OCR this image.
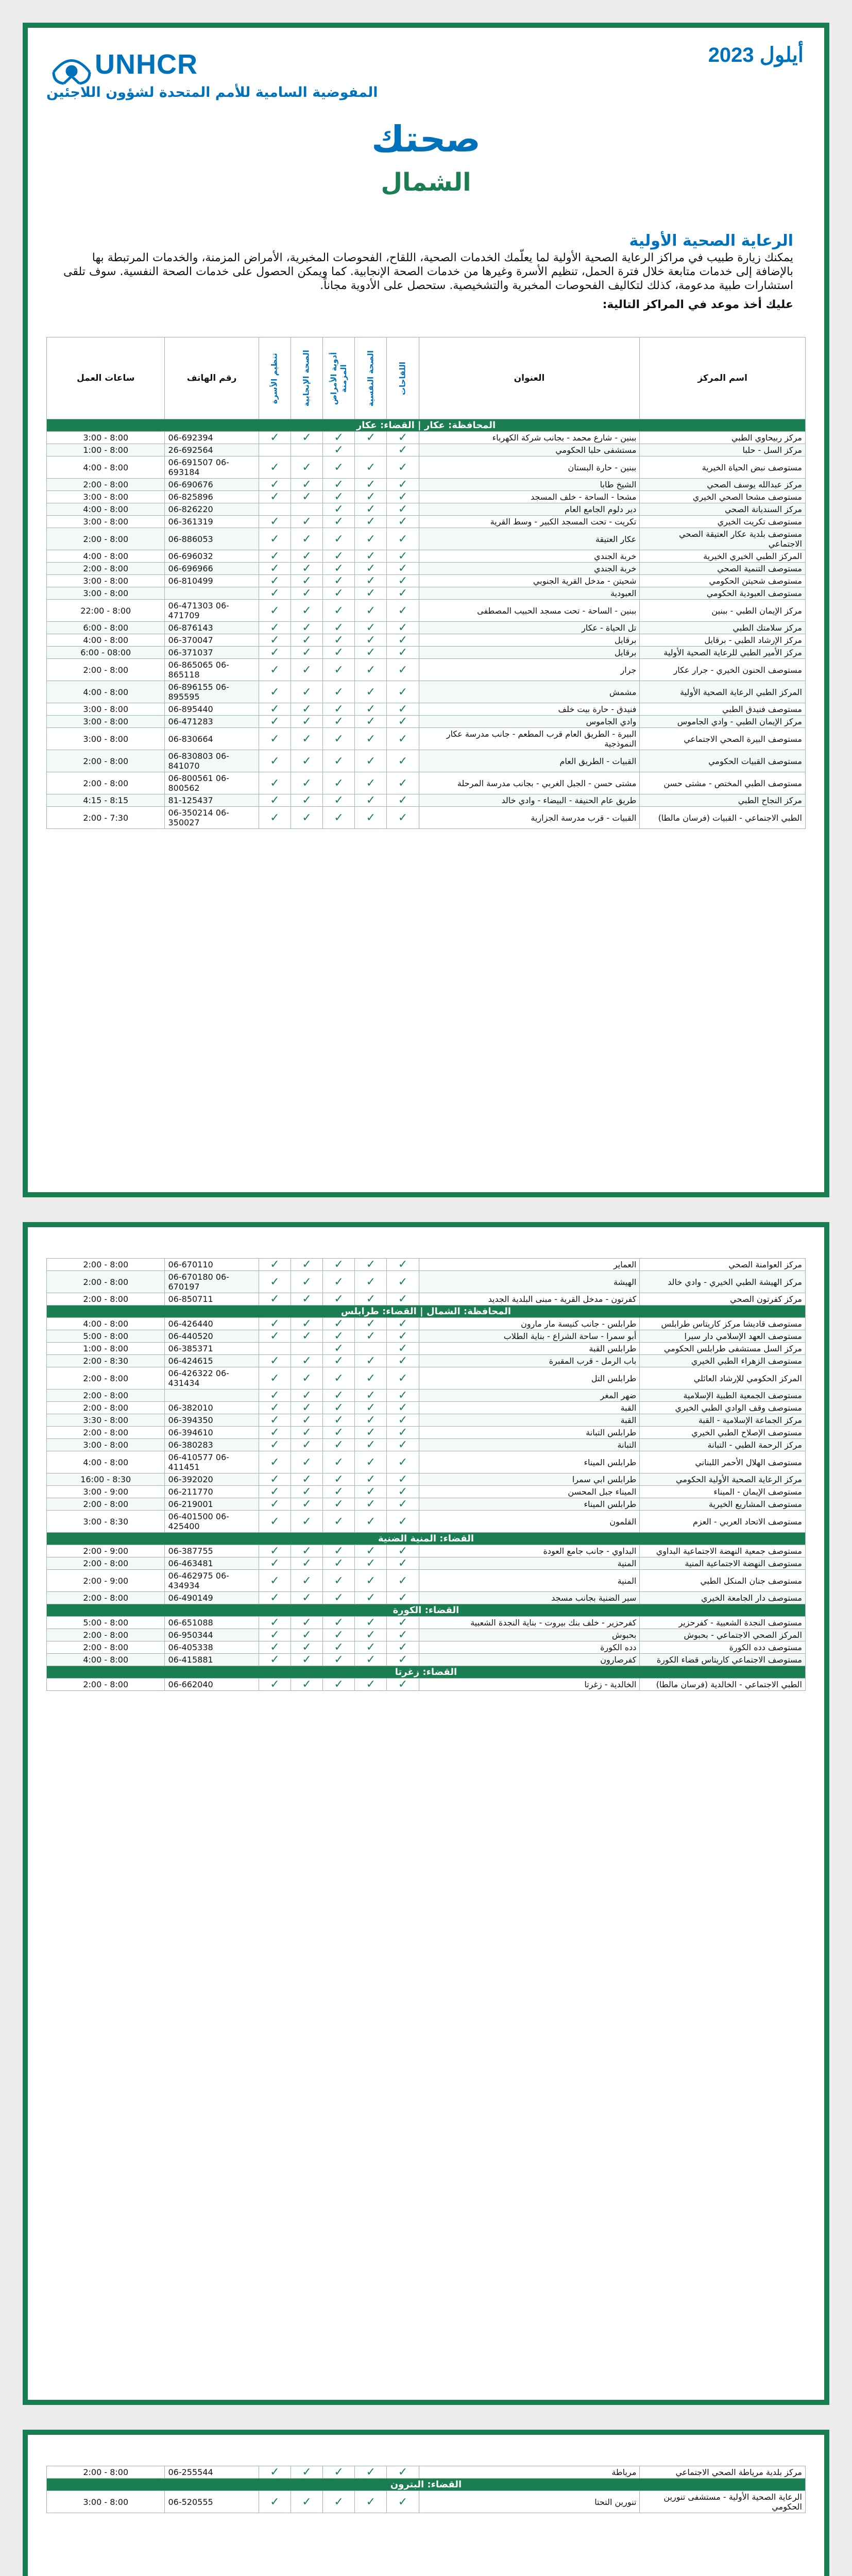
أيلول 2023
UNHCR
المفوضية السامية للأمم المتحدة لشؤون اللاجئين
صحتك
الشمال
الرعاية الصحية الأولية

يمكنك زيارة طبيب في مراكز الرعاية الصحية الأولية لما يعلّمك الخدمات الصحية، اللقاح، الفحوصات المخبرية، الأمراض المزمنة، والخدمات المرتبطة بها بالإضافة إلى خدمات متابعة خلال فترة الحمل، تنظيم الأسرة وغيرها من خدمات الصحة الإنجابية. كما ويمكن الحصول على خدمات الصحة النفسية. سوف تلقى استشارات طبية مدعومة، كذلك لتكاليف الفحوصات المخبرية والتشخيصية. ستحصل على الأدوية مجاناً.

عليك أخذ موعد في المراكز التالية:

اسم المركز	العنوان	اللقاحات	الصحة النفسية	أدوية الأمراض المزمنة	الصحة الإنجابية	تنظيم الأسرة	رقم الهاتف	ساعات العمل
المحافظة: عكار | القضاء: عكار								
مركز ربيحاوي الطبي	ببنين - شارع محمد - بجانب شركة الكهرباء	✓	✓	✓	✓	✓	06-692394	8:00 - 3:00
مركز السل - حلبا	مستشفى حلبا الحكومي	✓		✓			26-692564	8:00 - 1:00
مستوصف نبض الحياة الخيرية	ببنين - حارة البستان	✓	✓	✓	✓	✓	06-691507 06-693184	8:00 - 4:00
مركز عبدالله يوسف الصحي	الشيخ طابا	✓	✓	✓	✓	✓	06-690676	8:00 - 2:00
مستوصف مشحا الصحي الخيري	مشحا - الساحة - خلف المسجد	✓	✓	✓	✓	✓	06-825896	8:00 - 3:00
مركز السنديانة الصحي	دير دلوم الجامع العام	✓	✓	✓			06-826220	8:00 - 4:00
مستوصف تكريت الخيري	تكريت - تحت المسجد الكبير - وسط القرية	✓	✓	✓	✓	✓	06-361319	8:00 - 3:00
مستوصف بلدية عكار العتيقة الصحي الاجتماعي	عكار العتيقة	✓	✓	✓	✓	✓	06-886053	8:00 - 2:00
المركز الطبي الخيري الخيرية	خربة الجندي	✓	✓	✓	✓	✓	06-696032	8:00 - 4:00
مستوصف التنمية الصحي	خربة الجندي	✓	✓	✓	✓	✓	06-696966	8:00 - 2:00
مستوصف شحيتن الحكومي	شحيتن - مدخل القرية الجنوبي	✓	✓	✓	✓	✓	06-810499	8:00 - 3:00
مستوصف العبودية الحكومي	العبودية	✓	✓	✓	✓	✓		8:00 - 3:00
مركز الإيمان الطبي - ببنين	ببنين - الساحة - تحت مسجد الحبيب المصطفى	✓	✓	✓	✓	✓	06-471303 06-471709	8:00 - 22:00
مركز سلامتك الطبي	تل الحياة - عكار	✓	✓	✓	✓	✓	06-876143	8:00 - 6:00
مركز الإرشاد الطبي - برقايل	برقايل	✓	✓	✓	✓	✓	06-370047	8:00 - 4:00
مركز الأمير الطبي للرعاية الصحية الأولية	برقايل	✓	✓	✓	✓	✓	06-371037	08:00 - 6:00
مستوصف الحنون الخيري - جرار عكار	جرار	✓	✓	✓	✓	✓	06-865065 06-865118	8:00 - 2:00
المركز الطبي الرعاية الصحية الأولية	مشمش	✓	✓	✓	✓	✓	06-896155 06-895595	8:00 - 4:00
مستوصف فنيدق الطبي	فنيدق - حارة بيت خلف	✓	✓	✓	✓	✓	06-895440	8:00 - 3:00
مركز الإيمان الطبي - وادي الجاموس	وادي الجاموس	✓	✓	✓	✓	✓	06-471283	8:00 - 3:00
مستوصف البيرة الصحي الاجتماعي	البيرة - الطريق العام قرب المطعم - جانب مدرسة عكار النموذجية	✓	✓	✓	✓	✓	06-830664	8:00 - 3:00
مستوصف القبيات الحكومي	القبيات - الطريق العام	✓	✓	✓	✓	✓	06-830803 06-841070	8:00 - 2:00
مستوصف الطبي المختص - مشتى حسن	مشتى حسن - الجبل الغربي - بجانب مدرسة المرحلة	✓	✓	✓	✓	✓	06-800561 06-800562	8:00 - 2:00
مركز النجاح الطبي	طريق عام الحنيفة - البيضاء - وادي خالد	✓	✓	✓	✓	✓	81-125437	8:15 - 4:15
الطبي الاجتماعي - القبيات (فرسان مالطا)	القبيات - قرب مدرسة الجزارية	✓	✓	✓	✓	✓	06-350214 06-350027	7:30 - 2:00
مركز العوامنة الصحي	العماير	✓	✓	✓	✓	✓	06-670110	8:00 - 2:00
مركز الهيشة الطبي الخيري - وادي خالد	الهيشة	✓	✓	✓	✓	✓	06-670180 06-670197	8:00 - 2:00
مركز كفرتون الصحي	كفرتون - مدخل القرية - مبنى البلدية الجديد	✓	✓	✓	✓	✓	06-850711	8:00 - 2:00
المحافظة: الشمال | القضاء: طرابلس								
مستوصف قاديشا مركز كاريتاس طرابلس	طرابلس - جانب كنيسة مار مارون	✓	✓	✓	✓	✓	06-426440	8:00 - 4:00
مستوصف العهد الإسلامي دار سيرا	أبو سمرا - ساحة الشراع - بناية الطلاب	✓	✓	✓	✓	✓	06-440520	8:00 - 5:00
مركز السل مستشفى طرابلس الحكومي	طرابلس القبة	✓		✓			06-385371	8:00 - 1:00
مستوصف الزهراء الطبي الخيري	باب الرمل - قرب المقبرة	✓	✓	✓	✓	✓	06-424615	8:30 - 2:00
المركز الحكومي للإرشاد العائلي	طرابلس التل	✓	✓	✓	✓	✓	06-426322 06-431434	8:00 - 2:00
مستوصف الجمعية الطبية الإسلامية	ضهر المغر	✓	✓	✓	✓	✓		8:00 - 2:00
مستوصف وقف الوادي الطبي الخيري	القبة	✓	✓	✓	✓	✓	06-382010	8:00 - 2:00
مركز الجماعة الإسلامية - القبة	القبة	✓	✓	✓	✓	✓	06-394350	8:00 - 3:30
مستوصف الإصلاح الطبي الخيري	طرابلس التبانة	✓	✓	✓	✓	✓	06-394610	8:00 - 2:00
مركز الرحمة الطبي - التبانة	التبانة	✓	✓	✓	✓	✓	06-380283	8:00 - 3:00
مستوصف الهلال الأحمر اللبناني	طرابلس الميناء	✓	✓	✓	✓	✓	06-410577 06-411451	8:00 - 4:00
مركز الرعاية الصحية الأولية الحكومي	طرابلس ابي سمرا	✓	✓	✓	✓	✓	06-392020	8:30 - 16:00
مستوصف الإيمان - الميناء	الميناء جبل المحسن	✓	✓	✓	✓	✓	06-211770	9:00 - 3:00
مستوصف المشاريع الخيرية	طرابلس الميناء	✓	✓	✓	✓	✓	06-219001	8:00 - 2:00
مستوصف الاتحاد العربي - العزم	القلمون	✓	✓	✓	✓	✓	06-401500 06-425400	8:30 - 3:00
القضاء: المنية الضنية								
مستوصف جمعية النهضة الاجتماعية البداوي	البداوي - جانب جامع العودة	✓	✓	✓	✓	✓	06-387755	9:00 - 2:00
مستوصف النهضة الاجتماعية المنية	المنية	✓	✓	✓	✓	✓	06-463481	8:00 - 2:00
مستوصف جنان المنكل الطبي	المنية	✓	✓	✓	✓	✓	06-462975 06-434934	9:00 - 2:00
مستوصف دار الجامعة الخيري	سير الضنية بجانب مسجد	✓	✓	✓	✓	✓	06-490149	8:00 - 2:00
القضاء: الكورة								
مستوصف النجدة الشعبية - كفرحزير	كفرحزير - خلف بنك بيروت - بناية النجدة الشعبية	✓	✓	✓	✓	✓	06-651088	8:00 - 5:00
المركز الصحي الاجتماعي - بحبوش	بحبوش	✓	✓	✓	✓	✓	06-950344	8:00 - 2:00
مستوصف دده الكورة	دده الكورة	✓	✓	✓	✓	✓	06-405338	8:00 - 2:00
مستوصف الاجتماعي كاريتاس قضاء الكورة	كفرصارون	✓	✓	✓	✓	✓	06-415881	8:00 - 4:00
القضاء: زغرتا								
الطبي الاجتماعي - الخالدية (فرسان مالطا)	الخالدية - زغرتا	✓	✓	✓	✓	✓	06-662040	8:00 - 2:00
مركز بلدية مرياطة الصحي الاجتماعي	مرياطة	✓	✓	✓	✓	✓	06-255544	8:00 - 2:00
القضاء: البترون								
الرعاية الصحية الأولية - مستشفى تنورين الحكومي	تنورين التحتا	✓	✓	✓	✓	✓	06-520555	8:00 - 3:00
